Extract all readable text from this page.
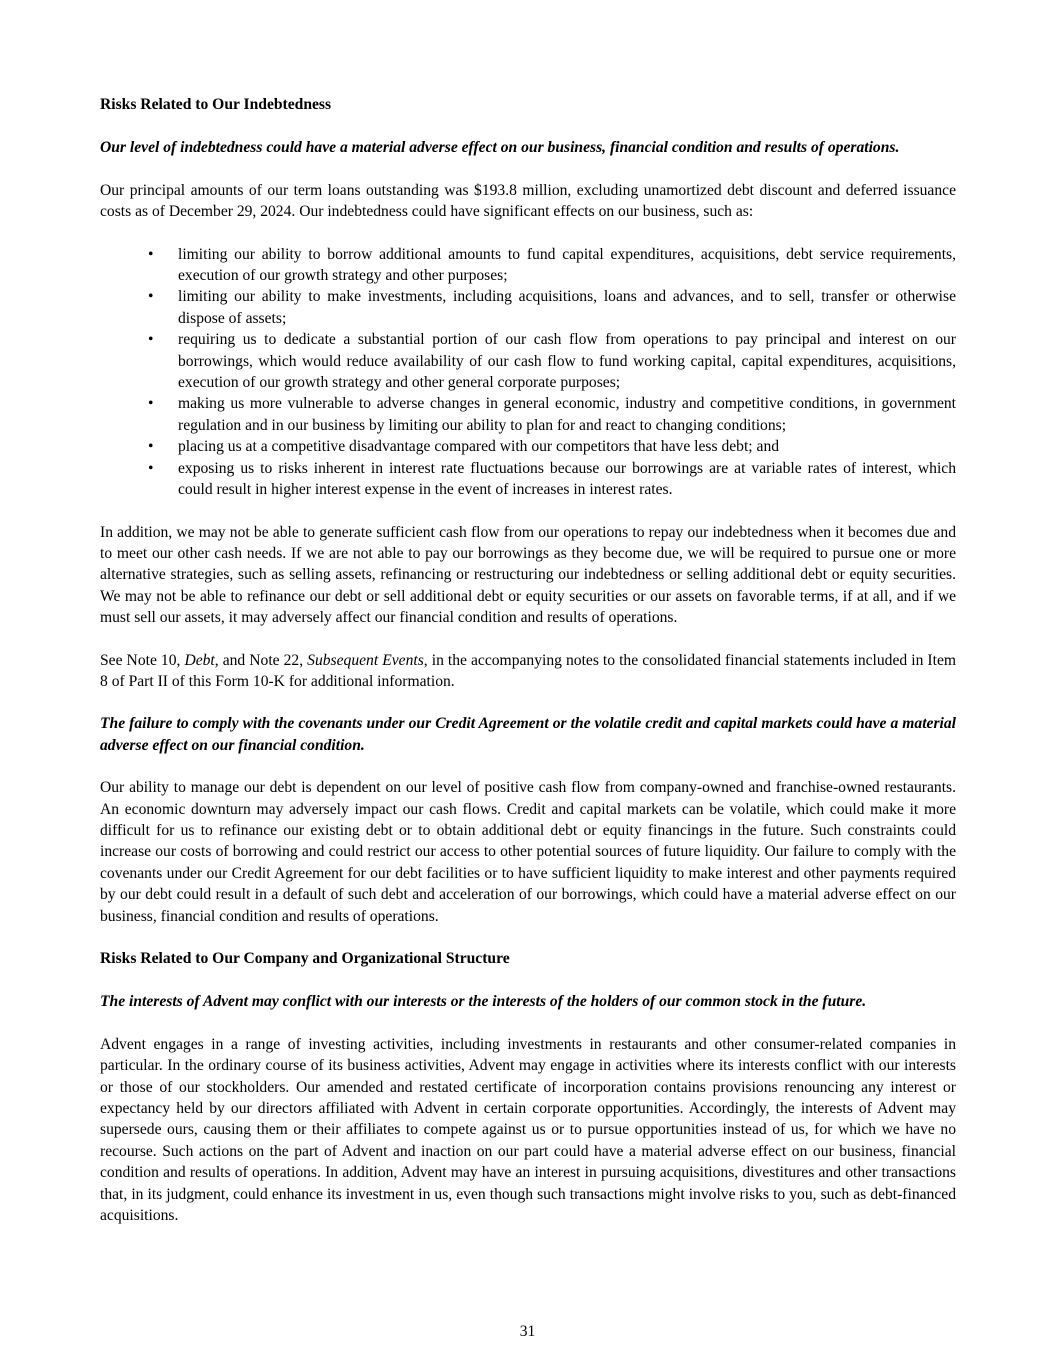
Risks Related to Our Indebtedness
Our level of indebtedness could have a material adverse effect on our business, financial condition and results of operations.

Our principal amounts of our term loans outstanding was $193.8 million, excluding unamortized debt discount and deferred issuance costs as of December 29, 2024. Our indebtedness could have significant effects on our business, such as:

•	limiting our ability to borrow additional amounts to fund capital expenditures, acquisitions, debt service requirements, execution of our growth strategy and other purposes;
•	limiting our ability to make investments, including acquisitions, loans and advances, and to sell, transfer or otherwise dispose of assets;
•	requiring us to dedicate a substantial portion of our cash flow from operations to pay principal and interest on our borrowings, which would reduce availability of our cash flow to fund working capital, capital expenditures, acquisitions, execution of our growth strategy and other general corporate purposes;
•	making us more vulnerable to adverse changes in general economic, industry and competitive conditions, in government regulation and in our business by limiting our ability to plan for and react to changing conditions;
•	placing us at a competitive disadvantage compared with our competitors that have less debt; and
•	exposing us to risks inherent in interest rate fluctuations because our borrowings are at variable rates of interest, which could result in higher interest expense in the event of increases in interest rates.

In addition, we may not be able to generate sufficient cash flow from our operations to repay our indebtedness when it becomes due and to meet our other cash needs. If we are not able to pay our borrowings as they become due, we will be required to pursue one or more alternative strategies, such as selling assets, refinancing or restructuring our indebtedness or selling additional debt or equity securities. We may not be able to refinance our debt or sell additional debt or equity securities or our assets on favorable terms, if at all, and if we must sell our assets, it may adversely affect our financial condition and results of operations.

See Note 10, Debt, and Note 22, Subsequent Events, in the accompanying notes to the consolidated financial statements included in Item 8 of Part II of this Form 10-K for additional information.

The failure to comply with the covenants under our Credit Agreement or the volatile credit and capital markets could have a material adverse effect on our financial condition.

Our ability to manage our debt is dependent on our level of positive cash flow from company-owned and franchise-owned restaurants. An economic downturn may adversely impact our cash flows. Credit and capital markets can be volatile, which could make it more difficult for us to refinance our existing debt or to obtain additional debt or equity financings in the future. Such constraints could increase our costs of borrowing and could restrict our access to other potential sources of future liquidity. Our failure to comply with the covenants under our Credit Agreement for our debt facilities or to have sufficient liquidity to make interest and other payments required by our debt could result in a default of such debt and acceleration of our borrowings, which could have a material adverse effect on our business, financial condition and results of operations.

Risks Related to Our Company and Organizational Structure
The interests of Advent may conflict with our interests or the interests of the holders of our common stock in the future.

Advent engages in a range of investing activities, including investments in restaurants and other consumer-related companies in particular. In the ordinary course of its business activities, Advent may engage in activities where its interests conflict with our interests or those of our stockholders. Our amended and restated certificate of incorporation contains provisions renouncing any interest or expectancy held by our directors affiliated with Advent in certain corporate opportunities. Accordingly, the interests of Advent may supersede ours, causing them or their affiliates to compete against us or to pursue opportunities instead of us, for which we have no recourse. Such actions on the part of Advent and inaction on our part could have a material adverse effect on our business, financial condition and results of operations. In addition, Advent may have an interest in pursuing acquisitions, divestitures and other transactions that, in its judgment, could enhance its investment in us, even though such transactions might involve risks to you, such as debt-financed acquisitions.

31
